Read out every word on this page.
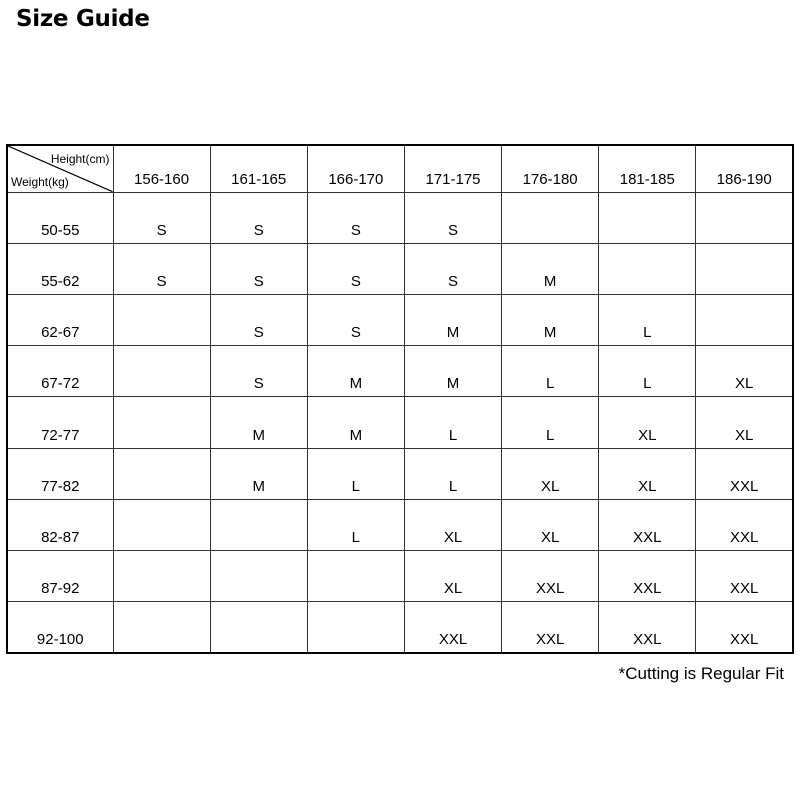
Size Guide
Height(cm)
Weight(kg)	156-160	161-165	166-170	171-175	176-180	181-185	186-190
50-55	S	S	S	S			
55-62	S	S	S	S	M		
62-67		S	S	M	M	L	
67-72		S	M	M	L	L	XL
72-77		M	M	L	L	XL	XL
77-82		M	L	L	XL	XL	XXL
82-87			L	XL	XL	XXL	XXL
87-92				XL	XXL	XXL	XXL
92-100				XXL	XXL	XXL	XXL
*Cutting is Regular Fit
